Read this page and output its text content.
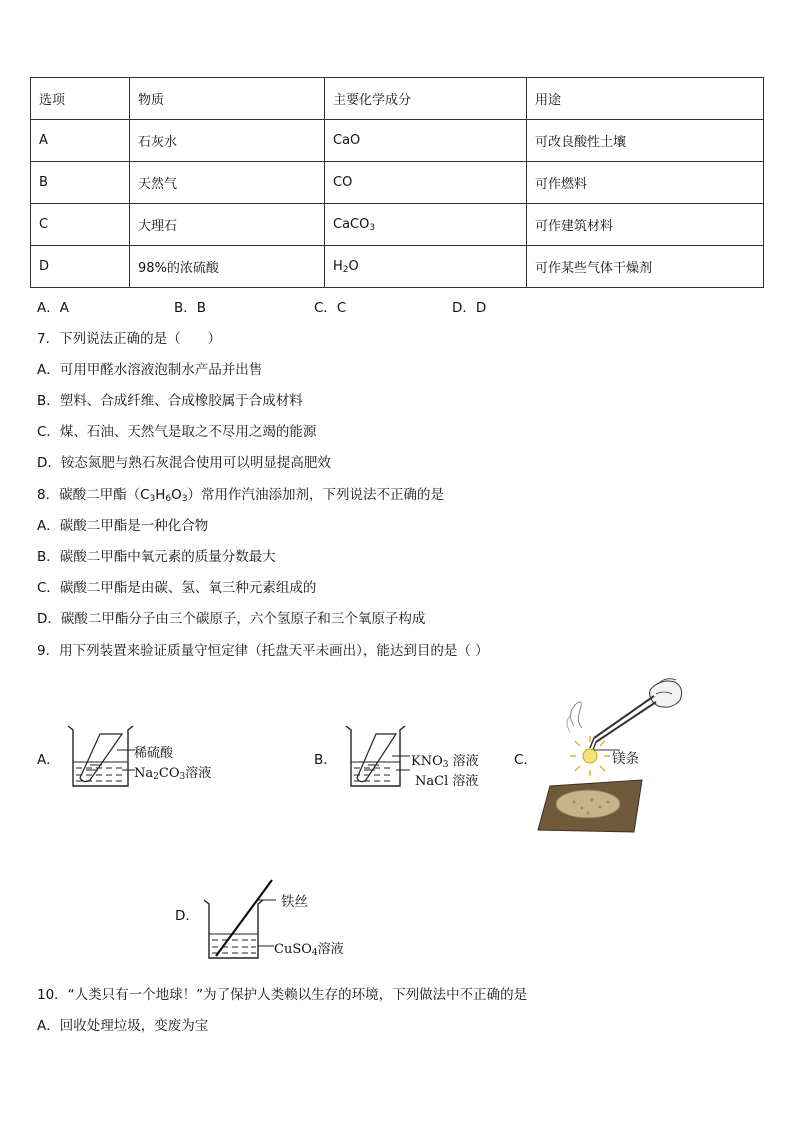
选项	物质	主要化学成分	用途
A	石灰水	CaO	可改良酸性土壤
B	天然气	CO	可作燃料
C	大理石	CaCO$_3$	可作建筑材料
D	98%的浓硫酸	$H_2O$	可作某些气体干燥剂
A．A	B．B	C．C	D．D
7．下列说法正确的是（　　）
A．可用甲醛水溶液泡制水产品并出售
B．塑料、合成纤维、合成橡胶属于合成材料
C．煤、石油、天然气是取之不尽用之竭的能源
D．铵态氮肥与熟石灰混合使用可以明显提高肥效
8．碳酸二甲酯$(C_3H_6O_3)$常用作汽油添加剂，下列说法不正确的是
A．碳酸二甲酯是一种化合物
B．碳酸二甲酯中氧元素的质量分数最大
C．碳酸二甲酯是由碳、氢、氧三种元素组成的
D．碳酸二甲酯分子由三个碳原子，六个氢原子和三个氧原子构成
9．用下列装置来验证质量守恒定律（托盘天平未画出），能达到目的是（ ）
A．	稀硫酸
$Na_2CO_3$溶液
B．	$KNO_3$ 溶液
NaCl 溶液
C．	镁条
D．
铁丝
CuSO$_4$溶液
10．“人类只有一个地球！”为了保护人类赖以生存的环境，下列做法中不正确的是
A．回收处理垃圾，变废为宝
